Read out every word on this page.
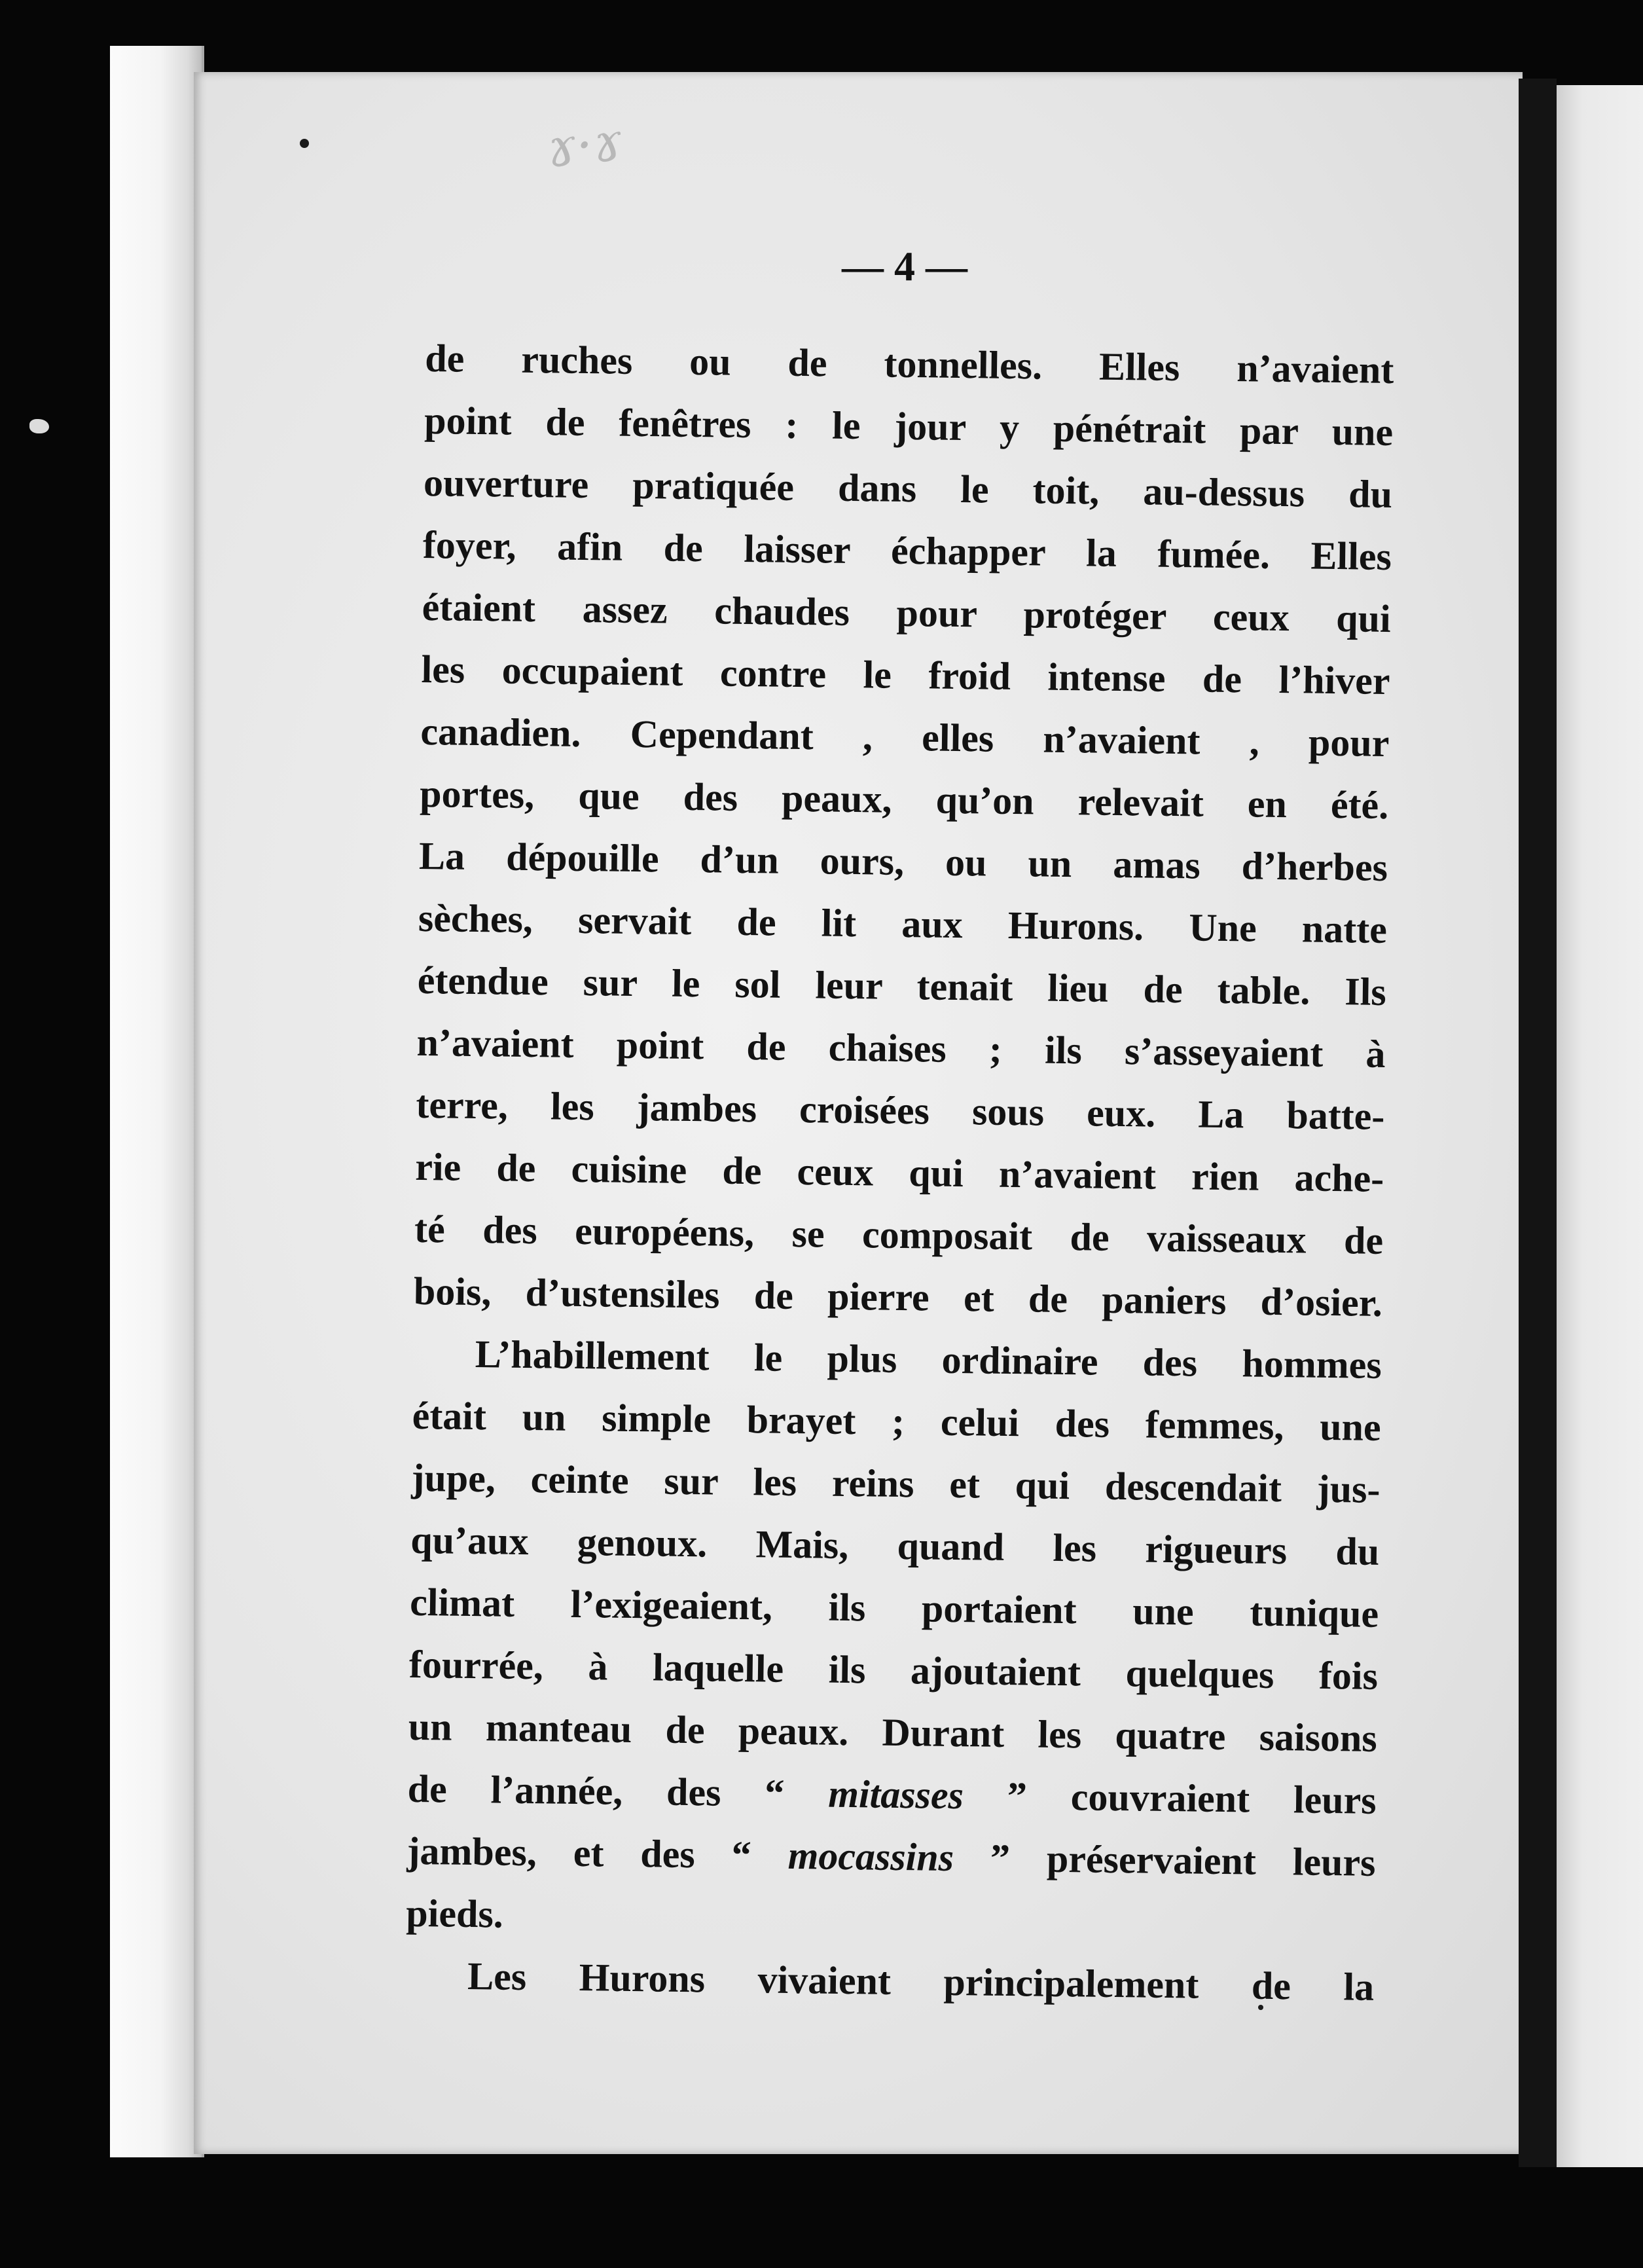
ɤ·ɤ
— 4 —
de ruches ou de tonnelles. Elles n’avaient
point de fenêtres : le jour y pénétrait par une
ouverture pratiquée dans le toit, au-dessus du
foyer, afin de laisser échapper la fumée. Elles
étaient assez chaudes pour protéger ceux qui
les occupaient contre le froid intense de l’hiver
canadien. Cependant , elles n’avaient , pour
portes, que des peaux, qu’on relevait en été.
La dépouille d’un ours, ou un amas d’herbes
sèches, servait de lit aux Hurons. Une natte
étendue sur le sol leur tenait lieu de table. Ils
n’avaient point de chaises ; ils s’asseyaient à
terre, les jambes croisées sous eux. La batte-
rie de cuisine de ceux qui n’avaient rien ache-
té des européens, se composait de vaisseaux de
bois, d’ustensiles de pierre et de paniers d’osier.
L’habillement le plus ordinaire des hommes
était un simple brayet ; celui des femmes, une
jupe, ceinte sur les reins et qui descendait jus-
qu’aux genoux. Mais, quand les rigueurs du
climat l’exigeaient, ils portaient une tunique
fourrée, à laquelle ils ajoutaient quelques fois
un manteau de peaux. Durant les quatre saisons
de l’année, des “ mitasses ” couvraient leurs
jambes, et des “ mocassins ” préservaient leurs
pieds.
Les Hurons vivaient principalement de la
